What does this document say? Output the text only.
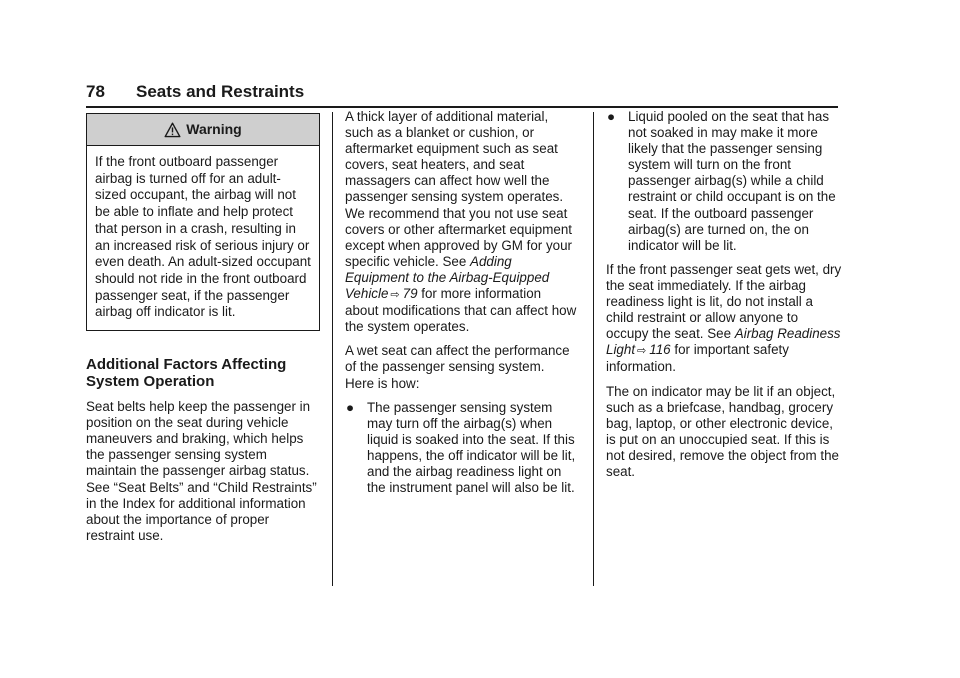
78 Seats and Restraints
Warning
If the front outboard passenger airbag is turned off for an adult-sized occupant, the airbag will not be able to inflate and help protect that person in a crash, resulting in an increased risk of serious injury or even death. An adult-sized occupant should not ride in the front outboard passenger seat, if the passenger airbag off indicator is lit.
Additional Factors Affecting System Operation

Seat belts help keep the passenger in position on the seat during vehicle maneuvers and braking, which helps the passenger sensing system maintain the passenger airbag status. See “Seat Belts” and “Child Restraints” in the Index for additional information about the importance of proper restraint use.

A thick layer of additional material, such as a blanket or cushion, or aftermarket equipment such as seat covers, seat heaters, and seat massagers can affect how well the passenger sensing system operates. We recommend that you not use seat covers or other aftermarket equipment except when approved by GM for your specific vehicle. See Adding Equipment to the Airbag-Equipped Vehicle ⇨ 79 for more information about modifications that can affect how the system operates.

A wet seat can affect the performance of the passenger sensing system. Here is how:

● The passenger sensing system may turn off the airbag(s) when liquid is soaked into the seat. If this happens, the off indicator will be lit, and the airbag readiness light on the instrument panel will also be lit.
● Liquid pooled on the seat that has not soaked in may make it more likely that the passenger sensing system will turn on the front passenger airbag(s) while a child restraint or child occupant is on the seat. If the outboard passenger airbag(s) are turned on, the on indicator will be lit.

If the front passenger seat gets wet, dry the seat immediately. If the airbag readiness light is lit, do not install a child restraint or allow anyone to occupy the seat. See Airbag Readiness Light ⇨ 116 for important safety information.

The on indicator may be lit if an object, such as a briefcase, handbag, grocery bag, laptop, or other electronic device, is put on an unoccupied seat. If this is not desired, remove the object from the seat.
